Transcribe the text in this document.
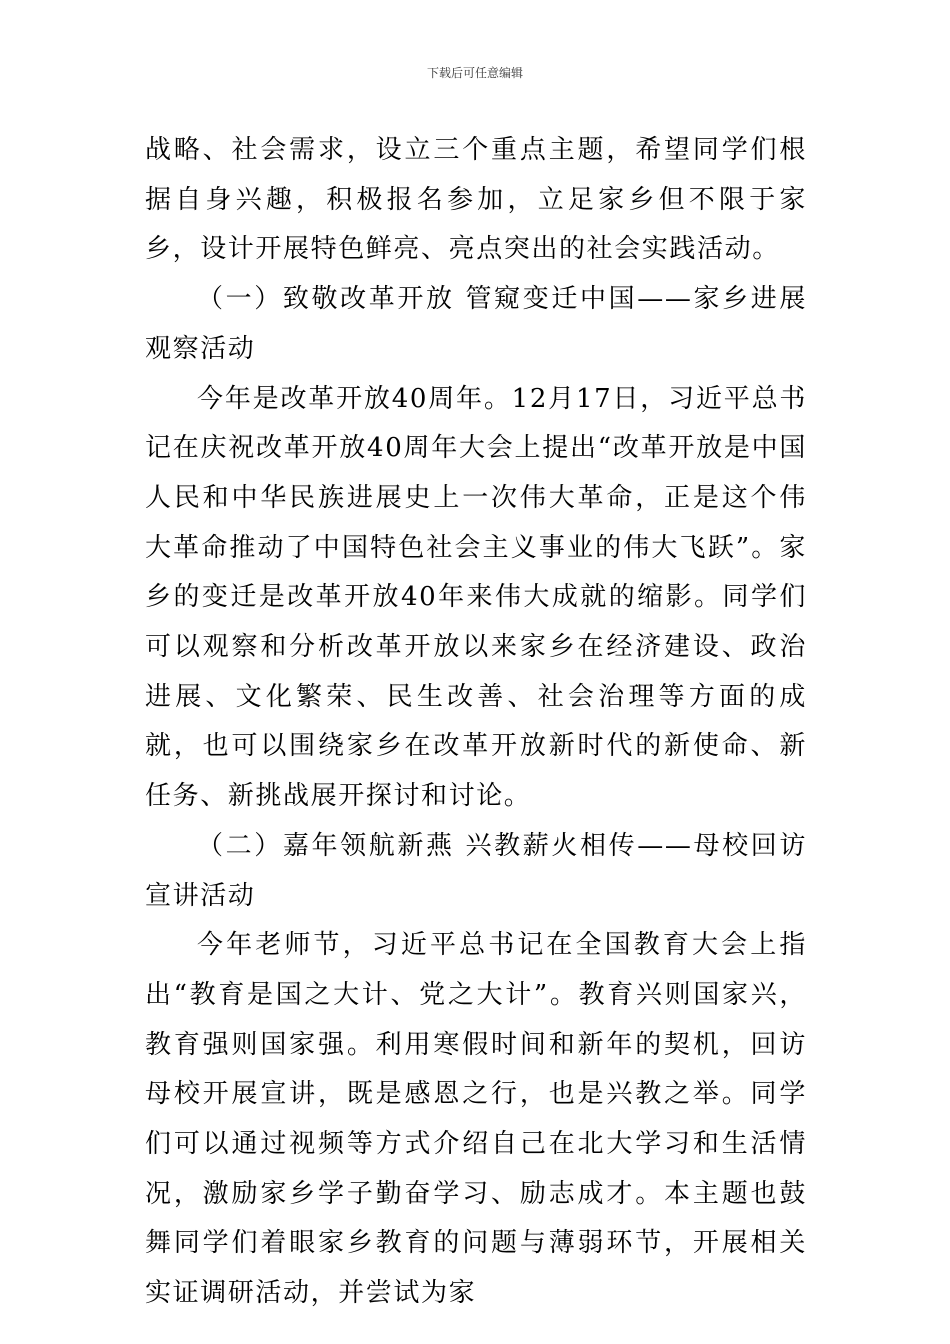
下载后可任意编辑

战略、社会需求，设立三个重点主题，希望同学们根据自身兴趣，积极报名参加，立足家乡但不限于家乡，设计开展特色鲜亮、亮点突出的社会实践活动。

（一）致敬改革开放 管窥变迁中国——家乡进展观察活动

今年是改革开放40周年。12月17日，习近平总书记在庆祝改革开放40周年大会上提出“改革开放是中国人民和中华民族进展史上一次伟大革命，正是这个伟大革命推动了中国特色社会主义事业的伟大飞跃”。家乡的变迁是改革开放40年来伟大成就的缩影。同学们可以观察和分析改革开放以来家乡在经济建设、政治进展、文化繁荣、民生改善、社会治理等方面的成就，也可以围绕家乡在改革开放新时代的新使命、新任务、新挑战展开探讨和讨论。

（二）嘉年领航新燕 兴教薪火相传——母校回访宣讲活动

今年老师节，习近平总书记在全国教育大会上指出“教育是国之大计、党之大计”。教育兴则国家兴，教育强则国家强。利用寒假时间和新年的契机，回访母校开展宣讲，既是感恩之行，也是兴教之举。同学们可以通过视频等方式介绍自己在北大学习和生活情况，激励家乡学子勤奋学习、励志成才。本主题也鼓舞同学们着眼家乡教育的问题与薄弱环节，开展相关实证调研活动，并尝试为家
